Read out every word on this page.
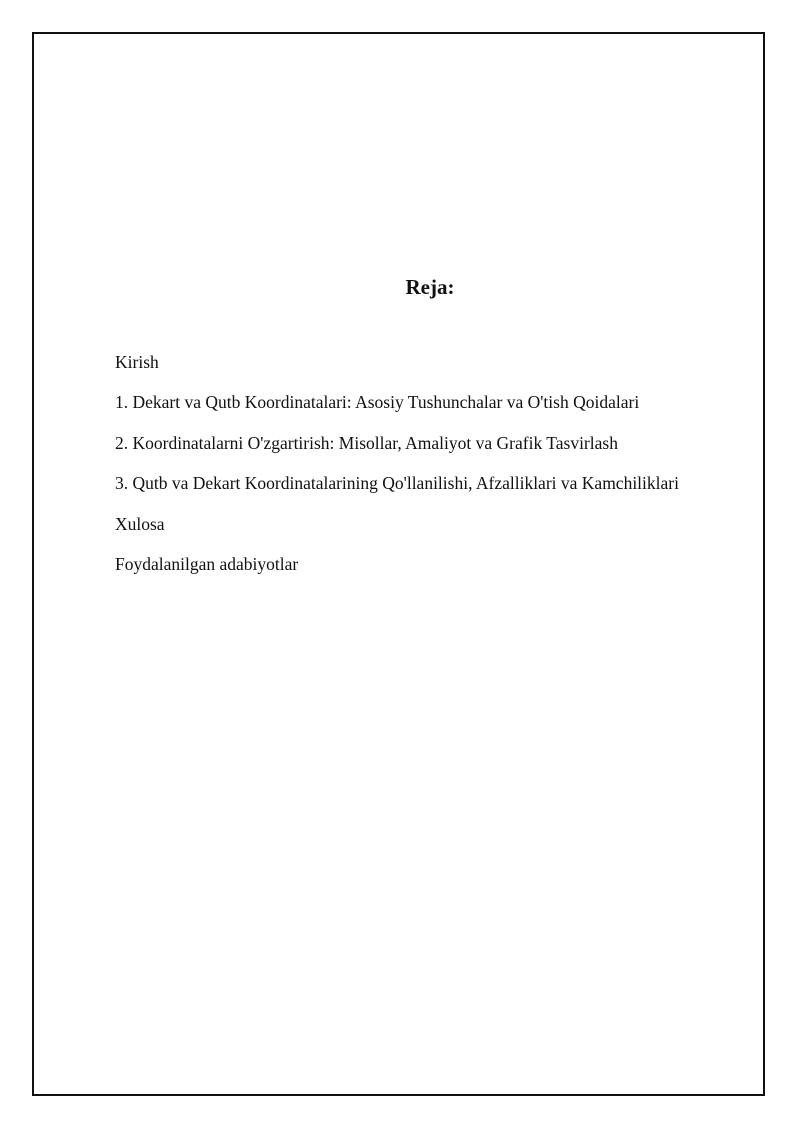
Reja:
Kirish
1. Dekart va Qutb Koordinatalari: Asosiy Tushunchalar va O'tish Qoidalari
2. Koordinatalarni O'zgartirish: Misollar, Amaliyot va Grafik Tasvirlash
3. Qutb va Dekart Koordinatalarining Qo'llanilishi, Afzalliklari va Kamchiliklari
Xulosa
Foydalanilgan adabiyotlar
